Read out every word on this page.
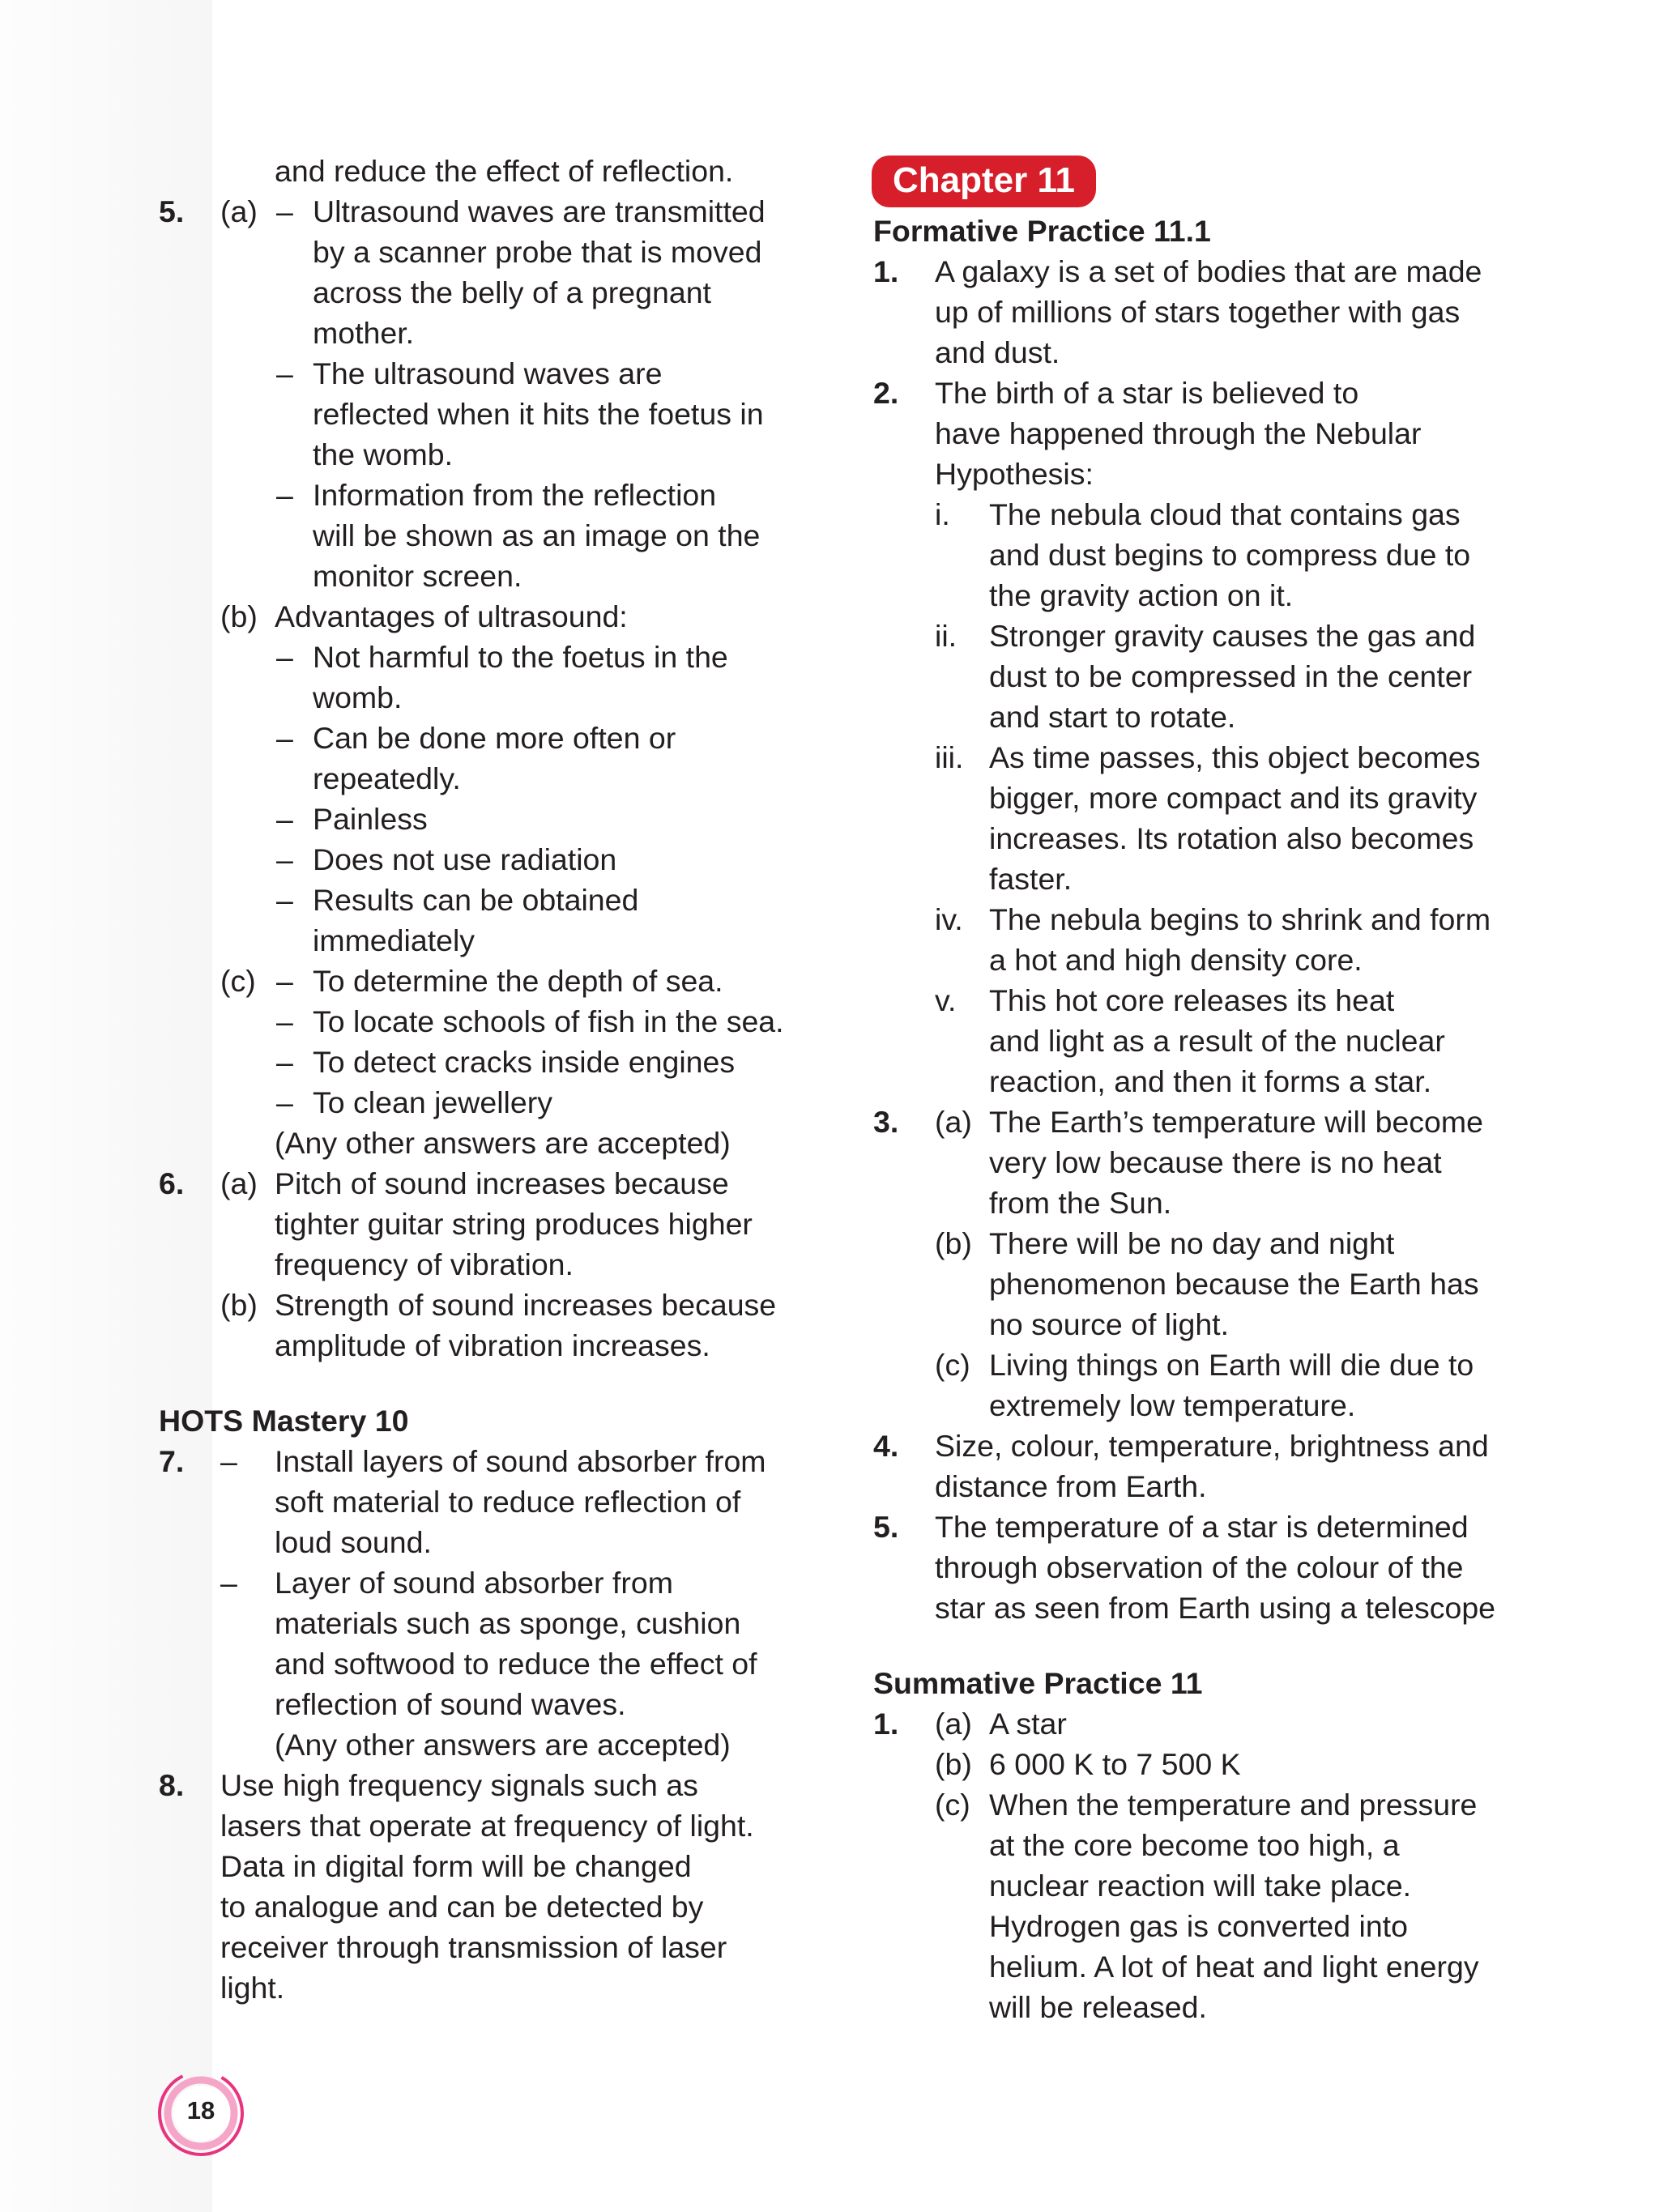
and reduce the effect of reflection.
5. (a) – Ultrasound waves are transmitted
by a scanner probe that is moved
across the belly of a pregnant
mother.
– The ultrasound waves are
reflected when it hits the foetus in
the womb.
– Information from the reflection
will be shown as an image on the
monitor screen.
(b) Advantages of ultrasound:
– Not harmful to the foetus in the
womb.
– Can be done more often or
repeatedly.
– Painless
– Does not use radiation
– Results can be obtained
immediately
(c) – To determine the depth of sea.
– To locate schools of fish in the sea.
– To detect cracks inside engines
– To clean jewellery
(Any other answers are accepted)
6. (a) Pitch of sound increases because
tighter guitar string produces higher
frequency of vibration.
(b) Strength of sound increases because
amplitude of vibration increases.
HOTS Mastery 10
7. – Install layers of sound absorber from
soft material to reduce reflection of
loud sound.
– Layer of sound absorber from
materials such as sponge, cushion
and softwood to reduce the effect of
reflection of sound waves.
(Any other answers are accepted)
8. Use high frequency signals such as
lasers that operate at frequency of light.
Data in digital form will be changed
to analogue and can be detected by
receiver through transmission of laser
light.
Chapter 11
Formative Practice 11.1
1. A galaxy is a set of bodies that are made
up of millions of stars together with gas
and dust.
2. The birth of a star is believed to
have happened through the Nebular
Hypothesis:
i. The nebula cloud that contains gas
and dust begins to compress due to
the gravity action on it.
ii. Stronger gravity causes the gas and
dust to be compressed in the center
and start to rotate.
iii. As time passes, this object becomes
bigger, more compact and its gravity
increases. Its rotation also becomes
faster.
iv. The nebula begins to shrink and form
a hot and high density core.
v. This hot core releases its heat
and light as a result of the nuclear
reaction, and then it forms a star.
3. (a) The Earth’s temperature will become
very low because there is no heat
from the Sun.
(b) There will be no day and night
phenomenon because the Earth has
no source of light.
(c) Living things on Earth will die due to
extremely low temperature.
4. Size, colour, temperature, brightness and
distance from Earth.
5. The temperature of a star is determined
through observation of the colour of the
star as seen from Earth using a telescope
Summative Practice 11
1. (a) A star
(b) 6 000 K to 7 500 K
(c) When the temperature and pressure
at the core become too high, a
nuclear reaction will take place.
Hydrogen gas is converted into
helium. A lot of heat and light energy
will be released.
18
